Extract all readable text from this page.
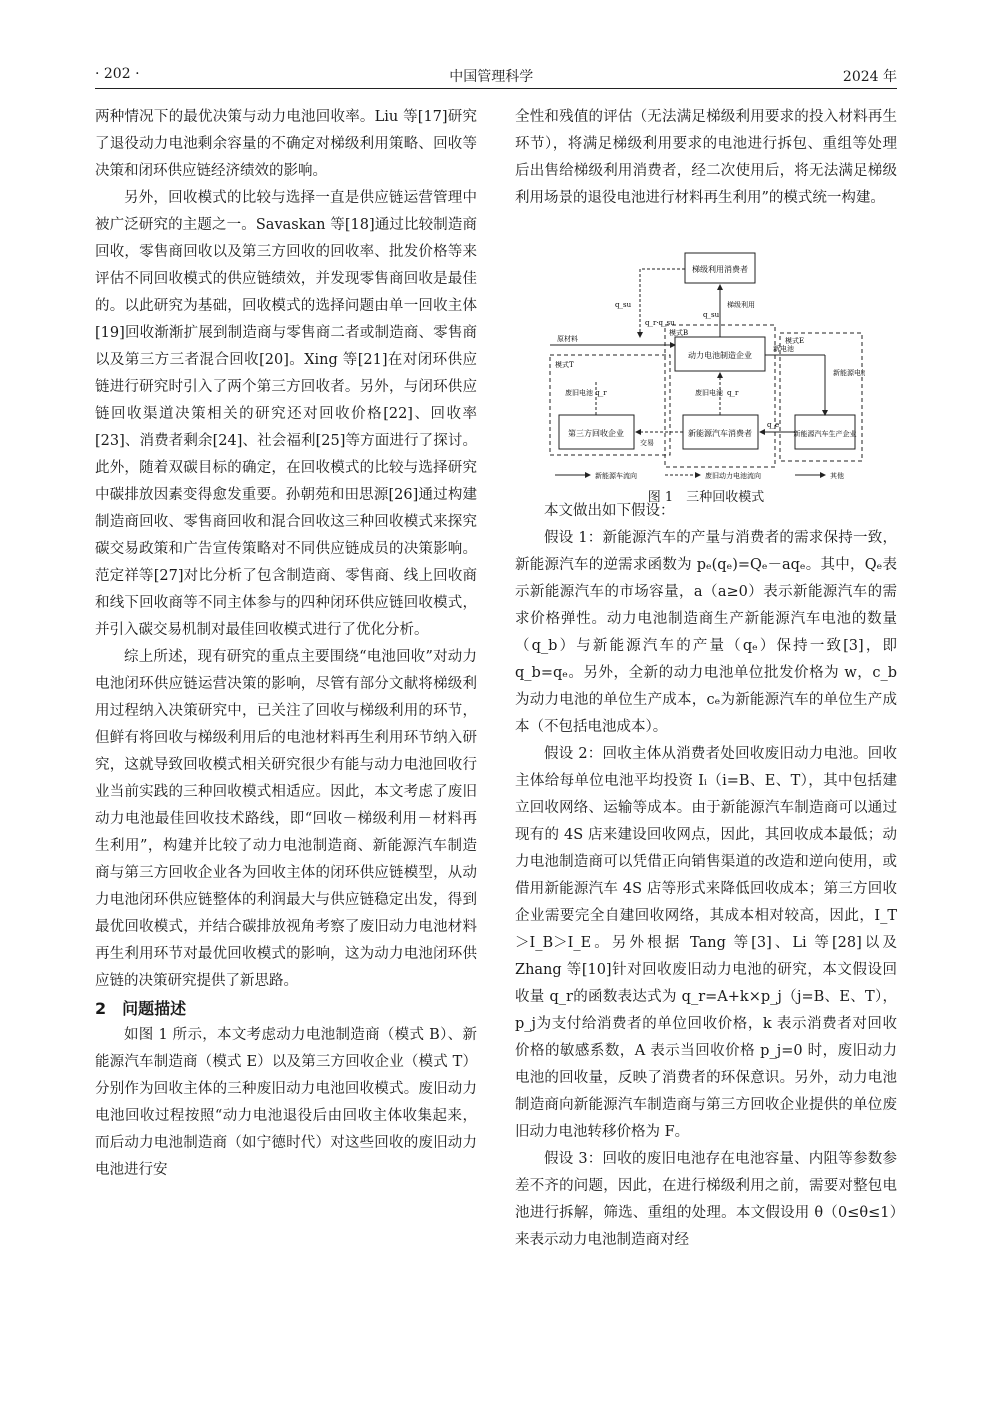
· 202 ·	中国管理科学	2024 年

两种情况下的最优决策与动力电池回收率。Liu 等[17]研究了退役动力电池剩余容量的不确定对梯级利用策略、回收等决策和闭环供应链经济绩效的影响。

另外，回收模式的比较与选择一直是供应链运营管理中被广泛研究的主题之一。Savaskan 等[18]通过比较制造商回收，零售商回收以及第三方回收的回收率、批发价格等来评估不同回收模式的供应链绩效，并发现零售商回收是最佳的。以此研究为基础，回收模式的选择问题由单一回收主体[19]回收渐渐扩展到制造商与零售商二者或制造商、零售商以及第三方三者混合回收[20]。Xing 等[21]在对闭环供应链进行研究时引入了两个第三方回收者。另外，与闭环供应链回收渠道决策相关的研究还对回收价格[22]、回收率[23]、消费者剩余[24]、社会福利[25]等方面进行了探讨。此外，随着双碳目标的确定，在回收模式的比较与选择研究中碳排放因素变得愈发重要。孙朝苑和田思源[26]通过构建制造商回收、零售商回收和混合回收这三种回收模式来探究碳交易政策和广告宣传策略对不同供应链成员的决策影响。范定祥等[27]对比分析了包含制造商、零售商、线上回收商和线下回收商等不同主体参与的四种闭环供应链回收模式，并引入碳交易机制对最佳回收模式进行了优化分析。

综上所述，现有研究的重点主要围绕“电池回收”对动力电池闭环供应链运营决策的影响，尽管有部分文献将梯级利用过程纳入决策研究中，已关注了回收与梯级利用的环节，但鲜有将回收与梯级利用后的电池材料再生利用环节纳入研究，这就导致回收模式相关研究很少有能与动力电池回收行业当前实践的三种回收模式相适应。因此，本文考虑了废旧动力电池最佳回收技术路线，即“回收－梯级利用－材料再生利用”，构建并比较了动力电池制造商、新能源汽车制造商与第三方回收企业各为回收主体的闭环供应链模型，从动力电池闭环供应链整体的利润最大与供应链稳定出发，得到最优回收模式，并结合碳排放视角考察了废旧动力电池材料再生利用环节对最优回收模式的影响，这为动力电池闭环供应链的决策研究提供了新思路。

2　问题描述

如图 1 所示，本文考虑动力电池制造商（模式 B）、新能源汽车制造商（模式 E）以及第三方回收企业（模式 T）分别作为回收主体的三种废旧动力电池回收模式。废旧动力电池回收过程按照“动力电池退役后由回收主体收集起来，而后动力电池制造商（如宁德时代）对这些回收的废旧动力电池进行安

全性和残值的评估（无法满足梯级利用要求的投入材料再生环节），将满足梯级利用要求的电池进行拆包、重组等处理后出售给梯级利用消费者，经二次使用后，将无法满足梯级利用场景的退役电池进行材料再生利用”的模式统一构建。

本文做出如下假设：

假设 1：新能源汽车的产量与消费者的需求保持一致，新能源汽车的逆需求函数为 pₑ(qₑ)=Qₑ－aqₑ。其中，Qₑ表示新能源汽车的市场容量，a（a≥0）表示新能源汽车的需求价格弹性。动力电池制造商生产新能源汽车电池的数量（q_b）与新能源汽车的产量（qₑ）保持一致[3]，即 q_b=qₑ。另外，全新的动力电池单位批发价格为 w，c_b为动力电池的单位生产成本，cₑ为新能源汽车的单位生产成本（不包括电池成本）。

假设 2：回收主体从消费者处回收废旧动力电池。回收主体给每单位电池平均投资 Iᵢ（i=B、E、T），其中包括建立回收网络、运输等成本。由于新能源汽车制造商可以通过现有的 4S 店来建设回收网点，因此，其回收成本最低；动力电池制造商可以凭借正向销售渠道的改造和逆向使用，或借用新能源汽车 4S 店等形式来降低回收成本；第三方回收企业需要完全自建回收网络，其成本相对较高，因此，I_T＞I_B＞I_E。另外根据 Tang 等[3]、Li 等[28]以及 Zhang 等[10]针对回收废旧动力电池的研究，本文假设回收量 q_r的函数表达式为 q_r=A+k×p_j（j=B、E、T），p_j为支付给消费者的单位回收价格，k 表示消费者对回收价格的敏感系数，A 表示当回收价格 p_j=0 时，废旧动力电池的回收量，反映了消费者的环保意识。另外，动力电池制造商向新能源汽车制造商与第三方回收企业提供的单位废旧动力电池转移价格为 F。

假设 3：回收的废旧电池存在电池容量、内阻等参数参差不齐的问题，因此，在进行梯级利用之前，需要对整包电池进行拆解，筛选、重组的处理。本文假设用 θ（0≤θ≤1）来表示动力电池制造商对经

梯级利用消费者
动力电池制造企业
第三方回收企业	新能源汽车消费者	新能源汽车生产企业
模式T
模式B
模式E
梯级利用
q_su
q_su
q_r·q_su
原材料
废旧电池 q_r
新电池
新能源电池
q_e
交易
废旧电池 q_r
新能源车流向	废旧动力电池流向	其他
图 1　三种回收模式
